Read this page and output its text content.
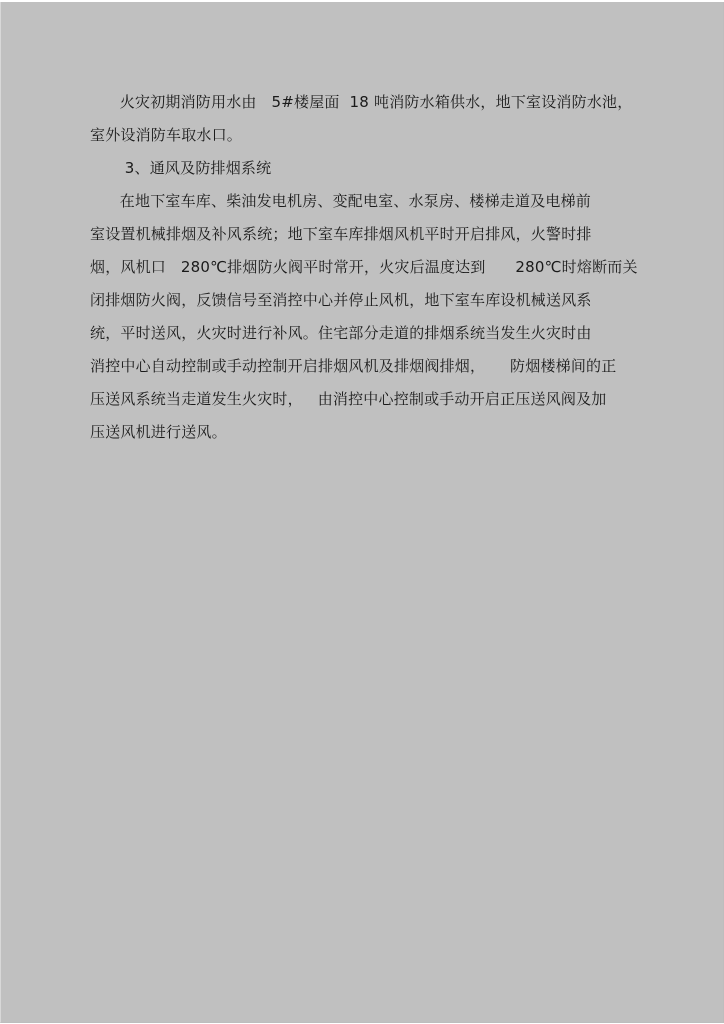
火灾初期消防用水由   5#楼屋面  18 吨消防水箱供水，地下室设消防水池，
室外设消防车取水口。
3、通风及防排烟系统
在地下室车库、柴油发电机房、变配电室、水泵房、楼梯走道及电梯前
室设置机械排烟及补风系统；地下室车库排烟风机平时开启排风，火警时排
烟，风机口   280℃排烟防火阀平时常开，火灾后温度达到      280℃时熔断而关
闭排烟防火阀，反馈信号至消控中心并停止风机，地下室车库设机械送风系
统，平时送风，火灾时进行补风。住宅部分走道的排烟系统当发生火灾时由
消控中心自动控制或手动控制开启排烟风机及排烟阀排烟，     防烟楼梯间的正
压送风系统当走道发生火灾时，   由消控中心控制或手动开启正压送风阀及加
压送风机进行送风。
